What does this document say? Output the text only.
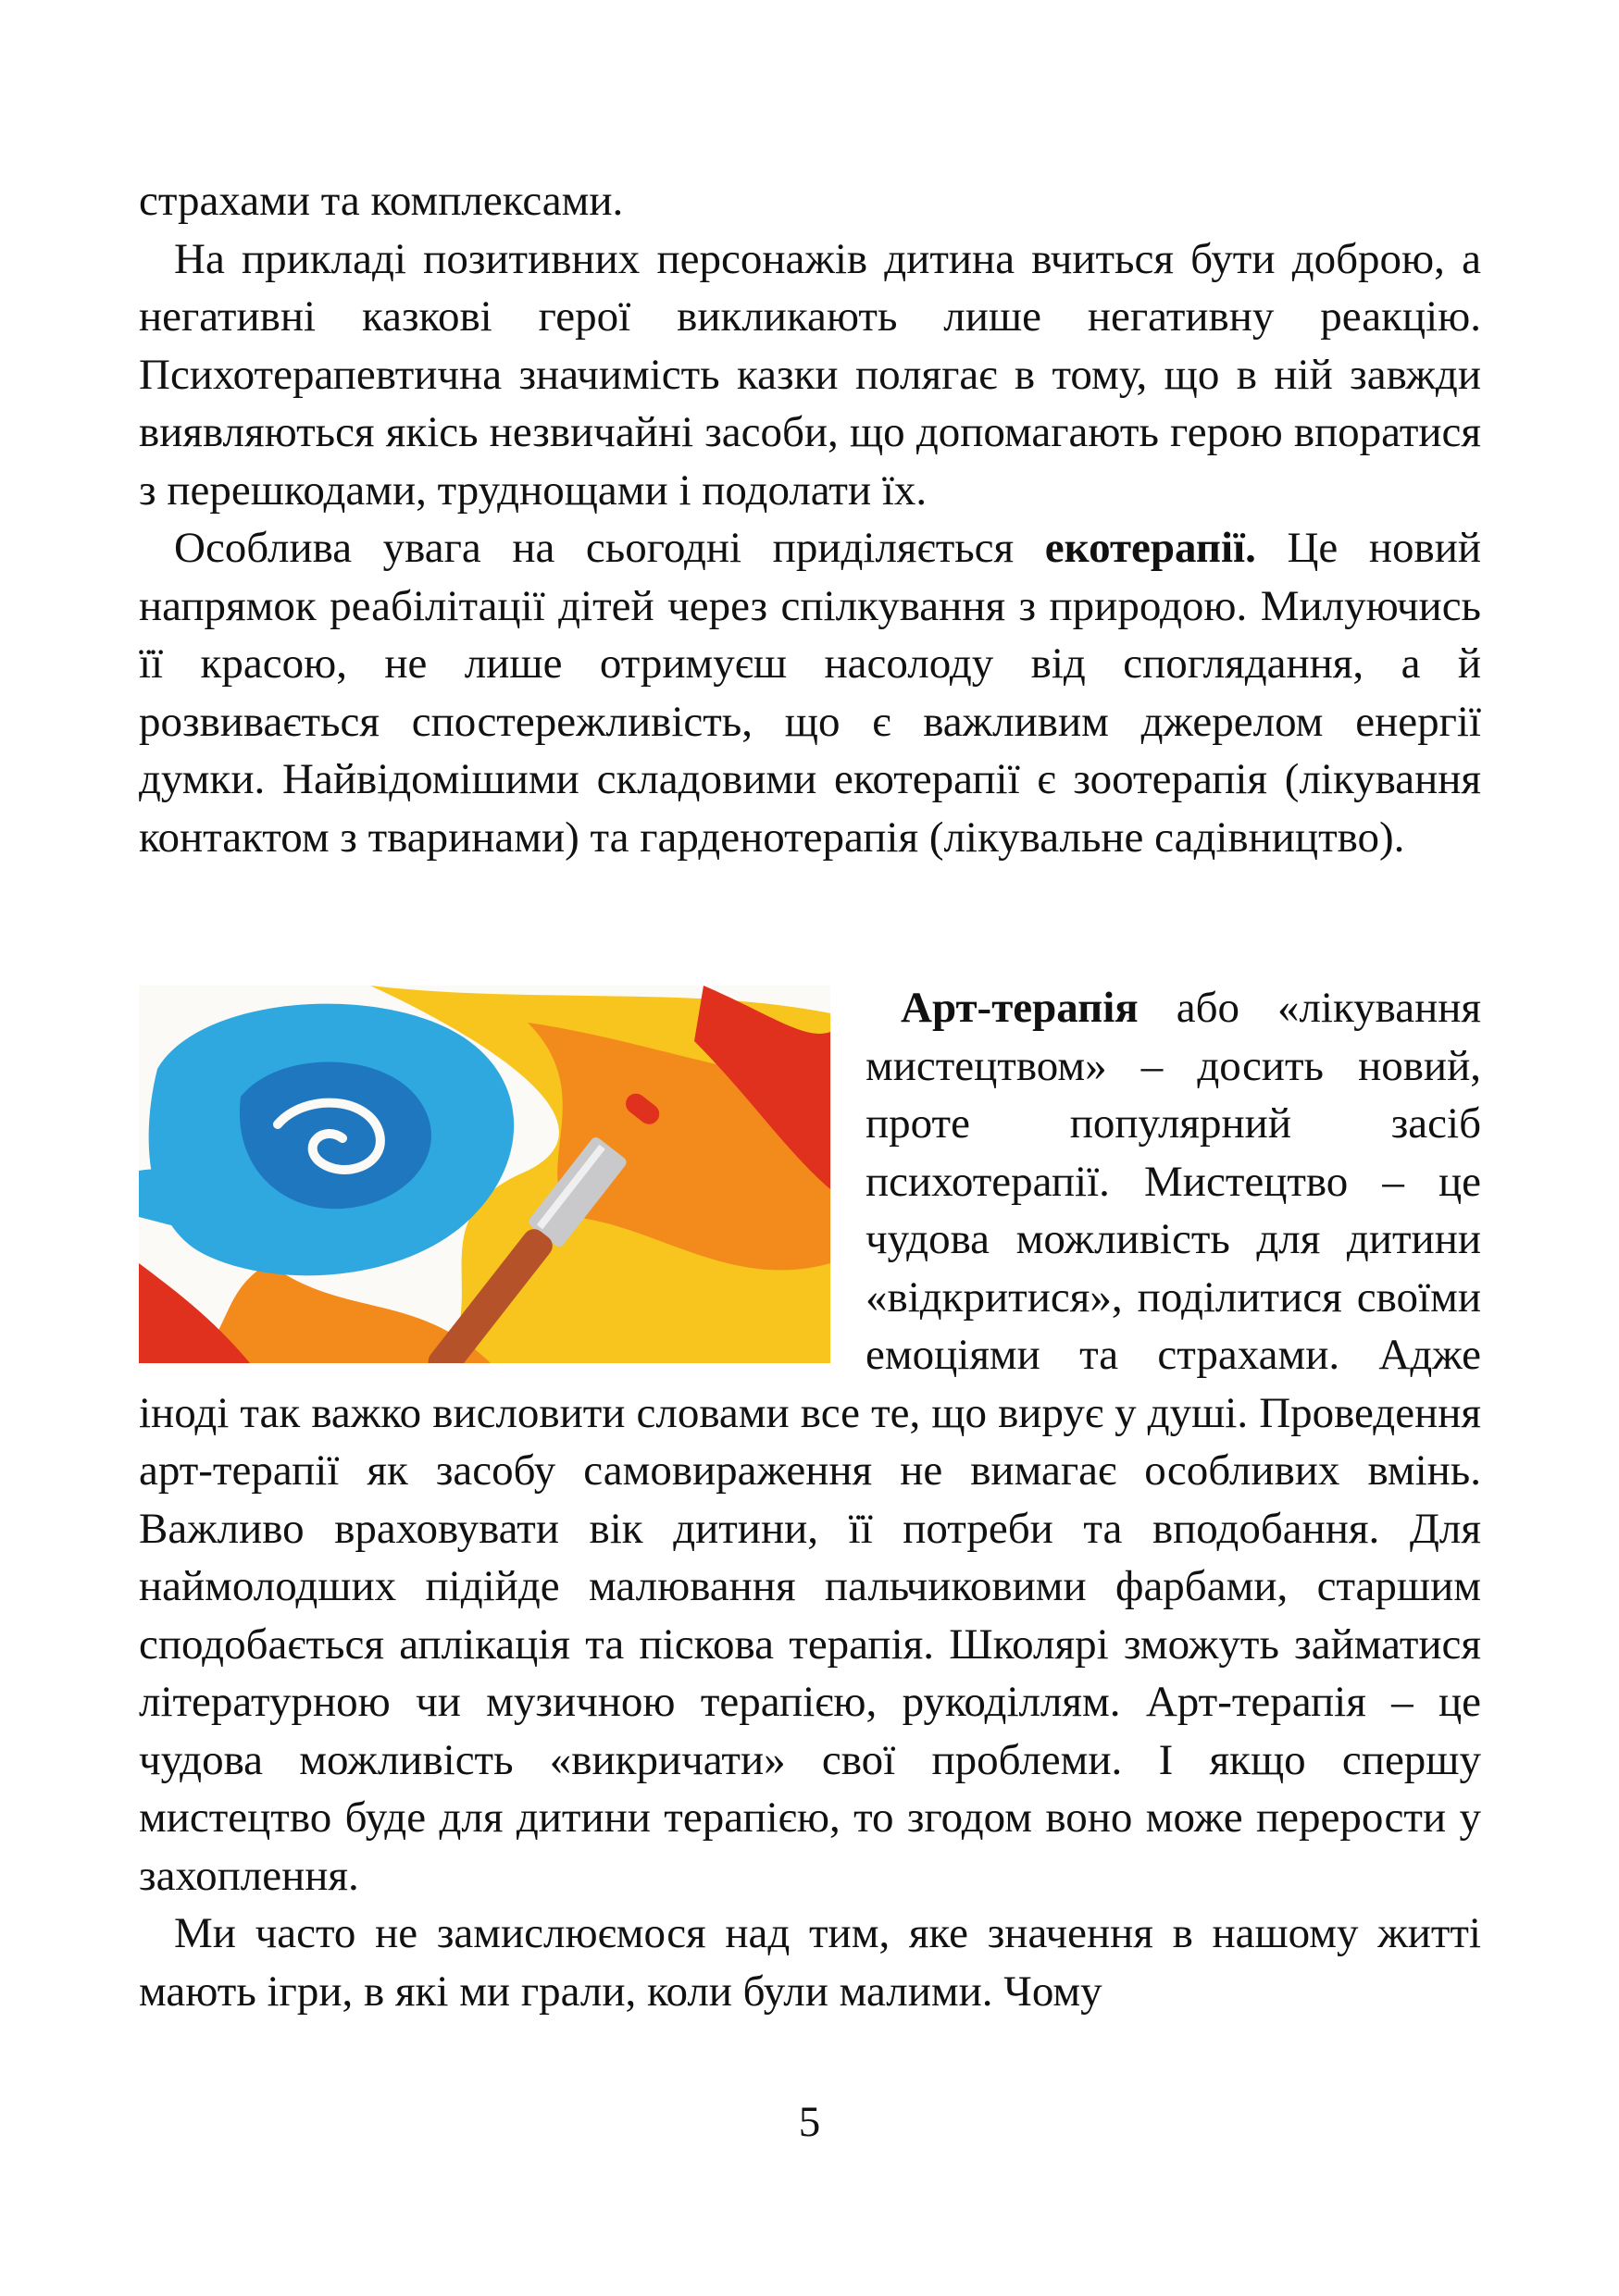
страхами та комплексами.

На прикладі позитивних персонажів дитина вчиться бути доброю, а негативні казкові герої викликають лише негативну реакцію. Психотерапевтична значимість казки полягає в тому, що в ній завжди виявляються якісь незвичайні засоби, що допомагають герою впоратися з перешкодами, труднощами і подолати їх.

Особлива увага на сьогодні приділяється екотерапії. Це новий напрямок реабілітації дітей через спілкування з природою. Милуючись її красою, не лише отримуєш насолоду від споглядання, а й розвивається спостережливість, що є важливим джерелом енергії думки. Найвідомішими складовими екотерапії є зоотерапія (лікування контактом з тваринами) та гарденотерапія (лікувальне садівництво).

Арт-терапія або «лікування мистецтвом» – досить новий, проте популярний засіб психотерапії. Мистецтво – це чудова можливість для дитини «відкритися», поділитися своїми емоціями та страхами. Адже іноді так важко висловити словами все те, що вирує у душі. Проведення арт-терапії як засобу самовираження не вимагає особливих вмінь. Важливо враховувати вік дитини, її потреби та вподобання. Для наймолодших підійде малювання пальчиковими фарбами, старшим сподобається аплікація та піскова терапія. Школярі зможуть займатися літературною чи музичною терапією, рукоділлям. Арт-терапія – це чудова можливість «викричати» свої проблеми. І якщо спершу мистецтво буде для дитини терапією, то згодом воно може перерости у захоплення.

Ми часто не замислюємося над тим, яке значення в нашому житті мають ігри, в які ми грали, коли були малими. Чому

5
